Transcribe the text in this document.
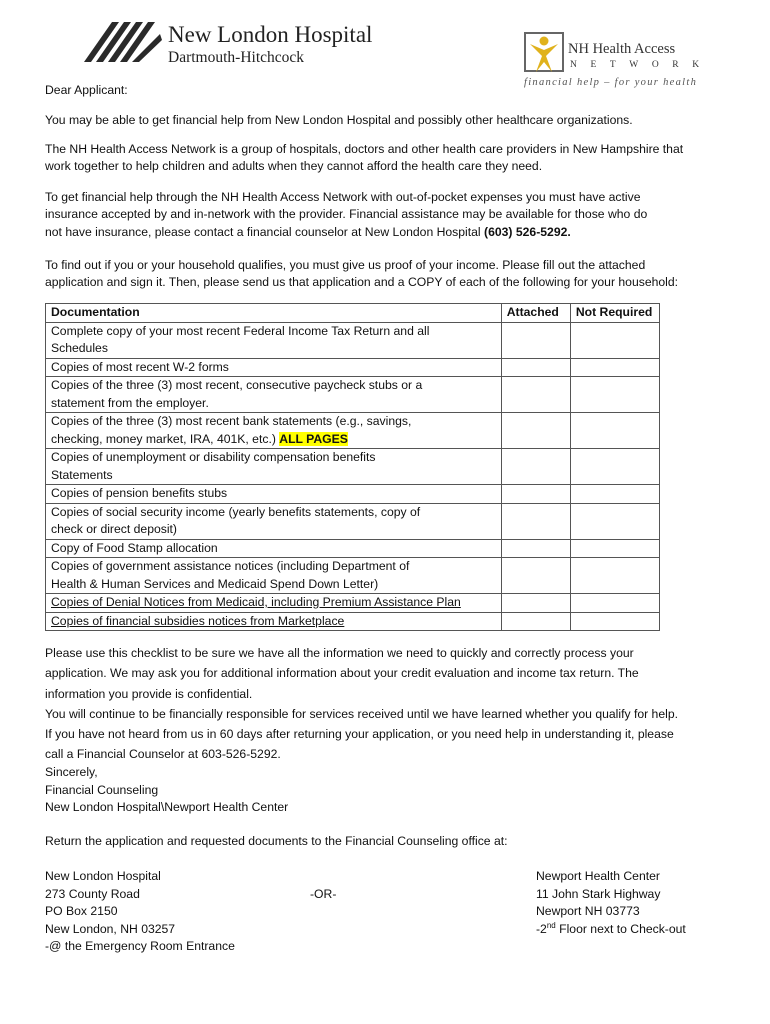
New London Hospital
Dartmouth-Hitchcock	NH Health Access
NETWORK
financial help – for your health
Dear Applicant:
You may be able to get financial help from New London Hospital and possibly other healthcare organizations.
The NH Health Access Network is a group of hospitals, doctors and other health care providers in New Hampshire that
work together to help children and adults when they cannot afford the health care they need.
To get financial help through the NH Health Access Network with out-of-pocket expenses you must have active
insurance accepted by and in-network with the provider. Financial assistance may be available for those who do
not have insurance, please contact a financial counselor at New London Hospital (603) 526-5292.
To find out if you or your household qualifies, you must give us proof of your income. Please fill out the attached
application and sign it. Then, please send us that application and a COPY of each of the following for your household:
Documentation	Attached	Not Required
Complete copy of your most recent Federal Income Tax Return and all
Schedules		
Copies of most recent W-2 forms		
Copies of the three (3) most recent, consecutive paycheck stubs or a
statement from the employer.		
Copies of the three (3) most recent bank statements (e.g., savings,
checking, money market, IRA, 401K, etc.) ALL PAGES		
Copies of unemployment or disability compensation benefits
Statements		
Copies of pension benefits stubs		
Copies of social security income (yearly benefits statements, copy of
check or direct deposit)		
Copy of Food Stamp allocation		
Copies of government assistance notices (including Department of
Health & Human Services and Medicaid Spend Down Letter)		
Copies of Denial Notices from Medicaid, including Premium Assistance Plan		
Copies of financial subsidies notices from Marketplace		
Please use this checklist to be sure we have all the information we need to quickly and correctly process your
application. We may ask you for additional information about your credit evaluation and income tax return. The
information you provide is confidential.
You will continue to be financially responsible for services received until we have learned whether you qualify for help.
If you have not heard from us in 60 days after returning your application, or you need help in understanding it, please
call a Financial Counselor at 603-526-5292.
Sincerely,
Financial Counseling
New London Hospital\Newport Health Center
Return the application and requested documents to the Financial Counseling office at:
New London Hospital
273 County Road
PO Box 2150
New London, NH 03257
-@ the Emergency Room Entrance
-OR-
Newport Health Center
11 John Stark Highway
Newport NH 03773
-2nd Floor next to Check-out
